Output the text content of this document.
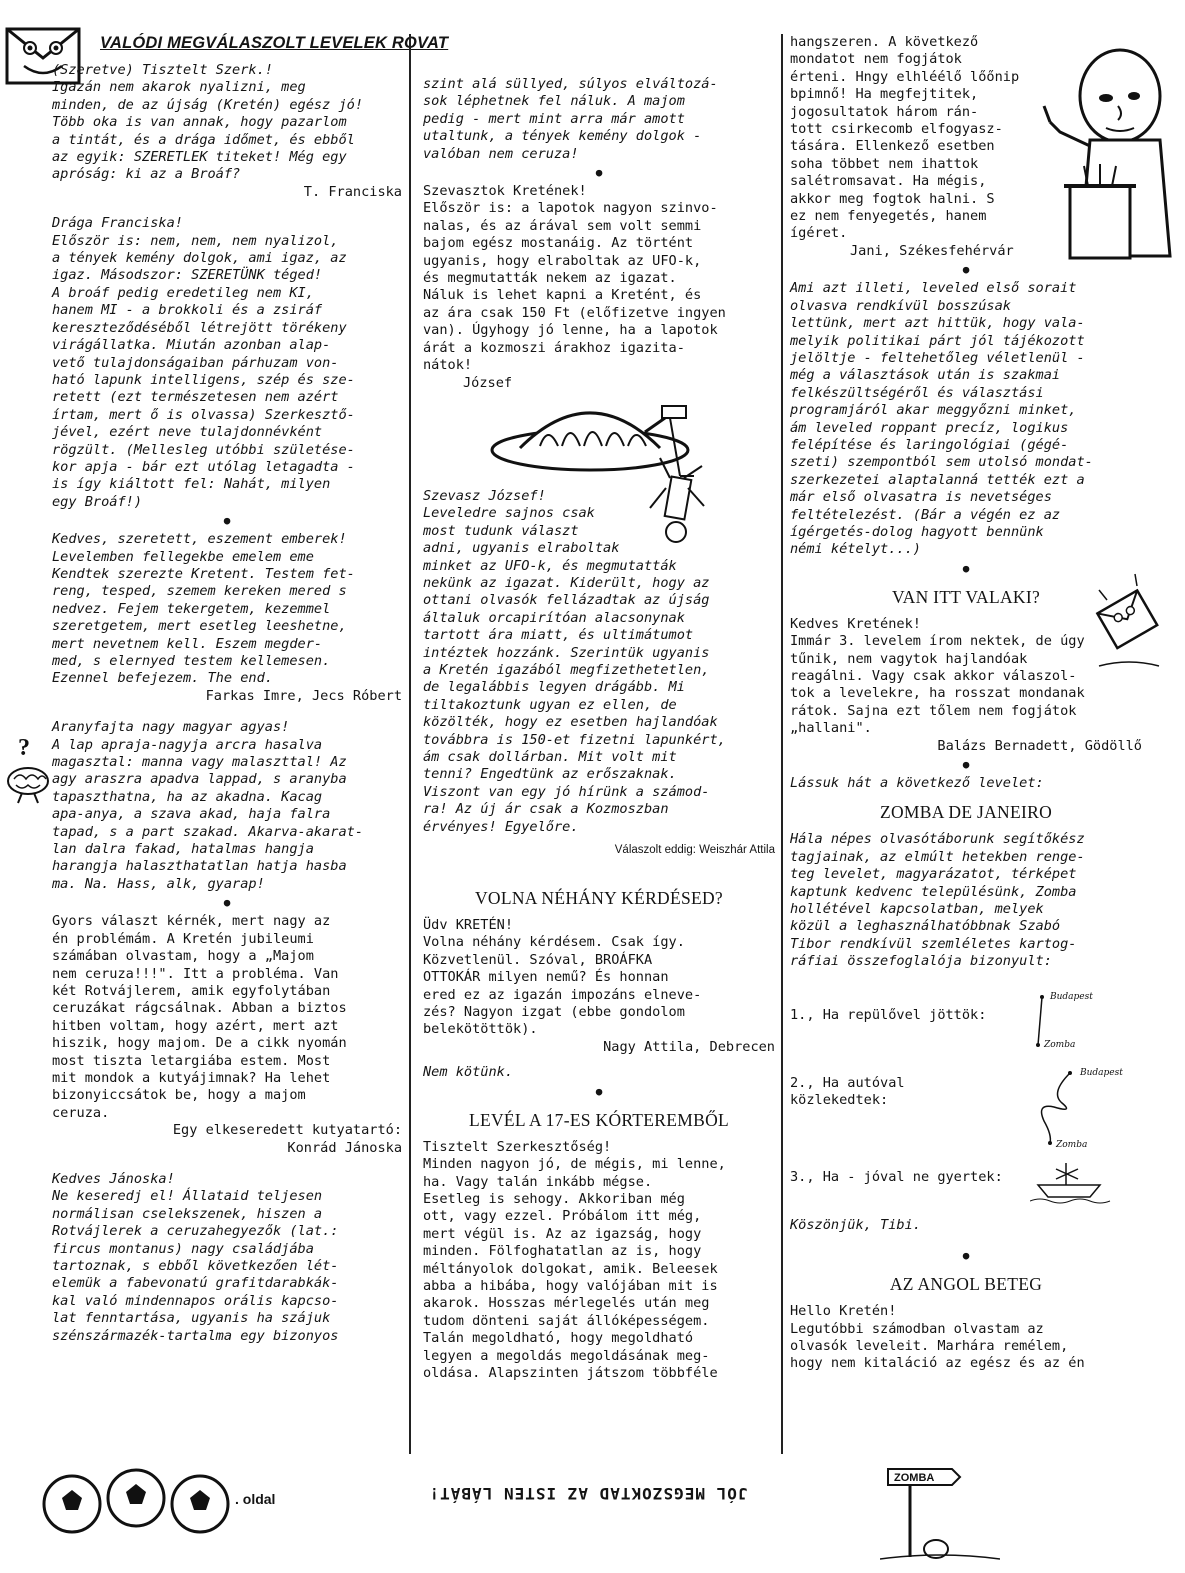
VALÓDI MEGVÁLASZOLT LEVELEK ROVAT

(Szeretve) Tisztelt Szerk.!
Igazán nem akarok nyalizni, meg
minden, de az újság (Kretén) egész jó!
Több oka is van annak, hogy pazarlom
a tintát, és a drága időmet, és ebből
az egyik: SZERETLEK titeket! Még egy
apróság: ki az a Broáf?

T. Franciska

Drága Franciska!
Először is: nem, nem, nem nyalizol,
a tények kemény dolgok, ami igaz, az
igaz. Másodszor: SZERETÜNK téged!
A broáf pedig eredetileg nem KI,
hanem MI - a brokkoli és a zsiráf
kereszteződéséből létrejött törékeny
virágállatka. Miután azonban alap-
vető tulajdonságaiban párhuzam von-
ható lapunk intelligens, szép és sze-
retett (ezt természetesen nem azért
írtam, mert ő is olvassa) Szerkesztő-
jével, ezért neve tulajdonnévként
rögzült. (Mellesleg utóbbi születése-
kor apja - bár ezt utólag letagadta -
is így kiáltott fel: Nahát, milyen
egy Broáf!)

●

Kedves, szeretett, eszement emberek!
Levelemben fellegekbe emelem eme
Kendtek szerezte Kretent. Testem fet-
reng, tesped, szemem kereken mered s
nedvez. Fejem tekergetem, kezemmel
szeretgetem, mert esetleg leeshetne,
mert nevetnem kell. Eszem megder-
med, s elernyed testem kellemesen.
Ezennel befejezem. The end.

Farkas Imre, Jecs Róbert

Aranyfajta nagy magyar agyas!
A lap apraja-nagyja arcra hasalva
magasztal: manna vagy malaszttal! Az
agy araszra apadva lappad, s aranyba
tapaszthatna, ha az akadna. Kacag
apa-anya, a szava akad, haja falra
tapad, s a part szakad. Akarva-akarat-
lan dalra fakad, hatalmas hangja
harangja halaszthatatlan hatja hasba
ma. Na. Hass, alk, gyarap!

●

Gyors választ kérnék, mert nagy az
én problémám. A Kretén jubileumi
számában olvastam, hogy a „Majom
nem ceruza!!!". Itt a probléma. Van
két Rotvájlerem, amik egyfolytában
ceruzákat rágcsálnak. Abban a biztos
hitben voltam, hogy azért, mert azt
hiszik, hogy majom. De a cikk nyomán
most tiszta letargiába estem. Most
mit mondok a kutyájimnak? Ha lehet
bizonyiccsátok be, hogy a majom
ceruza.

Egy elkeseredett kutyatartó:
Konrád Jánoska

Kedves Jánoska!
Ne keseredj el! Állataid teljesen
normálisan cselekszenek, hiszen a
Rotvájlerek a ceruzahegyezők (lat.:
fircus montanus) nagy családjába
tartoznak, s ebből következően lét-
elemük a fabevonatú grafitdarabkák-
kal való mindennapos orális kapcso-
lat fenntartása, ugyanis ha szájuk
szénszármazék-tartalma egy bizonyos

?

szint alá süllyed, súlyos elváltozá-
sok léphetnek fel náluk. A majom
pedig - mert mint arra már amott
utaltunk, a tények kemény dolgok -
valóban nem ceruza!

●

Szevasztok Kretének!
Először is: a lapotok nagyon szinvo-
nalas, és az árával sem volt semmi
bajom egész mostanáig. Az történt
ugyanis, hogy elraboltak az UFO-k,
és megmutatták nekem az igazat.
Náluk is lehet kapni a Kretént, és
az ára csak 150 Ft (előfizetve ingyen
van). Úgyhogy jó lenne, ha a lapotok
árát a kozmoszi árakhoz igazita-
nátok!

József

Szevasz József!
Leveledre sajnos csak
most tudunk választ
adni, ugyanis elraboltak
minket az UFO-k, és megmutatták
nekünk az igazat. Kiderült, hogy az
ottani olvasók fellázadtak az újság
általuk orcapirítóan alacsonynak
tartott ára miatt, és ultimátumot
intéztek hozzánk. Szerintük ugyanis
a Kretén igazából megfizethetetlen,
de legalábbis legyen drágább. Mi
tiltakoztunk ugyan ez ellen, de
közölték, hogy ez esetben hajlandóak
továbbra is 150-et fizetni lapunkért,
ám csak dollárban. Mit volt mit
tenni? Engedtünk az erőszaknak.
Viszont van egy jó hírünk a számod-
ra! Az új ár csak a Kozmoszban
érvényes! Egyelőre.

Válaszolt eddig: Weiszhár Attila

VOLNA NÉHÁNY KÉRDÉSED?

Üdv KRETÉN!
Volna néhány kérdésem. Csak így.
Közvetlenül. Szóval, BROÁFKA
OTTOKÁR milyen nemű? És honnan
ered ez az igazán impozáns elneve-
zés? Nagyon izgat (ebbe gondolom
belekötöttök).

Nagy Attila, Debrecen

Nem kötünk.

●
LEVÉL A 17-ES KÓRTEREMBŐL

Tisztelt Szerkesztőség!
Minden nagyon jó, de mégis, mi lenne,
ha. Vagy talán inkább mégse.
Esetleg is sehogy. Akkoriban még
ott, vagy ezzel. Próbálom itt még,
mert végül is. Az az igazság, hogy
minden. Fölfoghatatlan az is, hogy
méltányolok dolgokat, amik. Beleesek
abba a hibába, hogy valójában mit is
akarok. Hosszas mérlegelés után meg
tudom dönteni saját állóképességem.
Talán megoldható, hogy megoldható
legyen a megoldás megoldásának meg-
oldása. Alapszinten játszom többféle

hangszeren. A következő
mondatot nem fogjátok
érteni. Hngy elhléélő lőőnip
bpimnő! Ha megfejtitek,
jogosultatok három rán-
tott csirkecomb elfogyasz-
tására. Ellenkező esetben
soha többet nem ihattok
salétromsavat. Ha mégis,
akkor meg fogtok halni. S
ez nem fenyegetés, hanem
ígéret.

Jani, Székesfehérvár

●

Ami azt illeti, leveled első sorait
olvasva rendkívül bosszúsak
lettünk, mert azt hittük, hogy vala-
melyik politikai párt jól tájékozott
jelöltje - feltehetőleg véletlenül -
még a választások után is szakmai
felkészültségéről és választási
programjáról akar meggyőzni minket,
ám leveled roppant precíz, logikus
felépítése és laringológiai (gégé-
szeti) szempontból sem utolsó mondat-
szerkezetei alaptalanná tették ezt a
már első olvasatra is nevetséges
feltételezést. (Bár a végén ez az
ígérgetés-dolog hagyott bennünk
némi kételyt...)

●
VAN ITT VALAKI?

Kedves Kretének!
Immár 3. levelem írom nektek, de úgy
tűnik, nem vagytok hajlandóak
reagálni. Vagy csak akkor válaszol-
tok a levelekre, ha rosszat mondanak
rátok. Sajna ezt tőlem nem fogjátok
„hallani".

Balázs Bernadett, Gödöllő

●

Lássuk hát a következő levelet:

ZOMBA DE JANEIRO

Hála népes olvasótáborunk segítőkész
tagjainak, az elmúlt hetekben renge-
teg levelet, magyarázatot, térképet
kaptunk kedvenc településünk, Zomba
hollétével kapcsolatban, melyek
közül a leghasználhatóbbnak Szabó
Tibor rendkívül szemléletes kartog-
ráfiai összefoglalója bizonyult:

1., Ha repülővel jöttök:

Budapest
Zomba

2., Ha autóval
közlekedtek:

Budapest
Zomba

3., Ha - jóval ne gyertek:

Köszönjük, Tibi.

●
AZ ANGOL BETEG

Hello Kretén!
Legutóbbi számodban olvastam az
olvasók leveleit. Marhára remélem,
hogy nem kitaláció az egész és az én

. oldal	JÓL MEGSZOKTAD AZ ISTEN LÁBÁT!
ZOMBA
